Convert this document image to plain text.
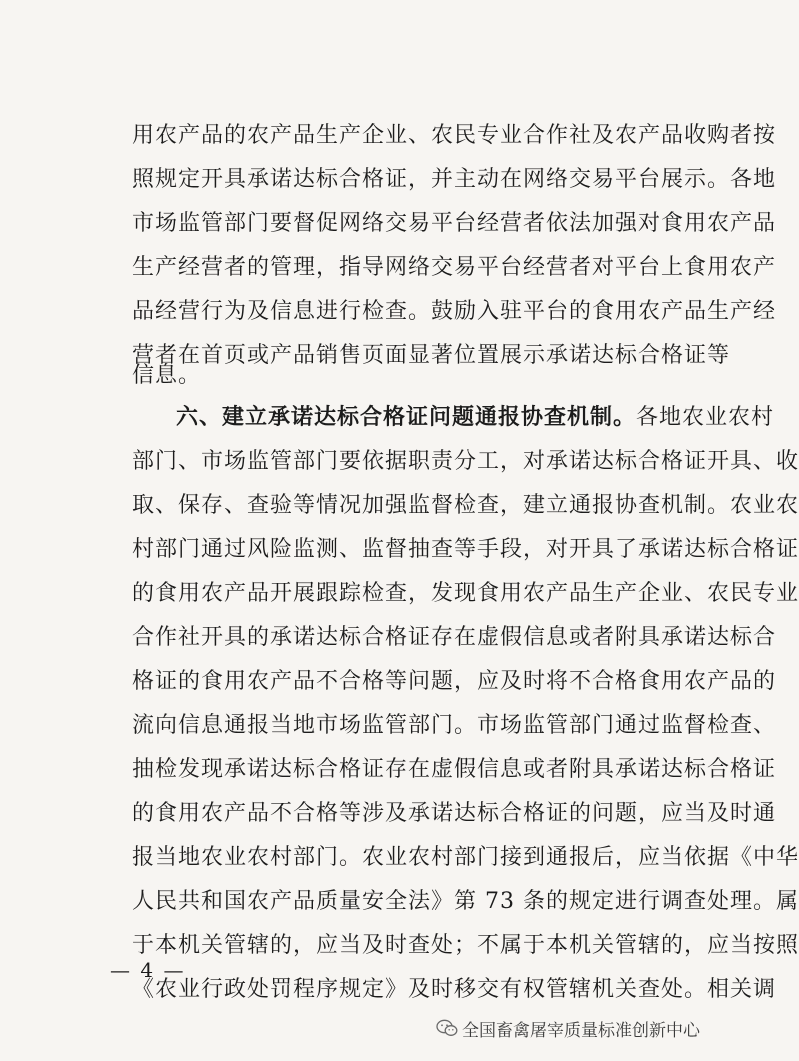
用农产品的农产品生产企业、农民专业合作社及农产品收购者按
照规定开具承诺达标合格证，并主动在网络交易平台展示。各地
市场监管部门要督促网络交易平台经营者依法加强对食用农产品
生产经营者的管理，指导网络交易平台经营者对平台上食用农产
品经营行为及信息进行检查。鼓励入驻平台的食用农产品生产经
营者在首页或产品销售页面显著位置展示承诺达标合格证等
信息。
六、建立承诺达标合格证问题通报协查机制。各地农业农村
部门、市场监管部门要依据职责分工，对承诺达标合格证开具、收
取、保存、查验等情况加强监督检查，建立通报协查机制。农业农
村部门通过风险监测、监督抽查等手段，对开具了承诺达标合格证
的食用农产品开展跟踪检查，发现食用农产品生产企业、农民专业
合作社开具的承诺达标合格证存在虚假信息或者附具承诺达标合
格证的食用农产品不合格等问题，应及时将不合格食用农产品的
流向信息通报当地市场监管部门。市场监管部门通过监督检查、
抽检发现承诺达标合格证存在虚假信息或者附具承诺达标合格证
的食用农产品不合格等涉及承诺达标合格证的问题，应当及时通
报当地农业农村部门。农业农村部门接到通报后，应当依据《中华
人民共和国农产品质量安全法》第 73 条的规定进行调查处理。属
于本机关管辖的，应当及时查处；不属于本机关管辖的，应当按照
《农业行政处罚程序规定》及时移交有权管辖机关查处。相关调
— 4 —
全国畜禽屠宰质量标准创新中心
